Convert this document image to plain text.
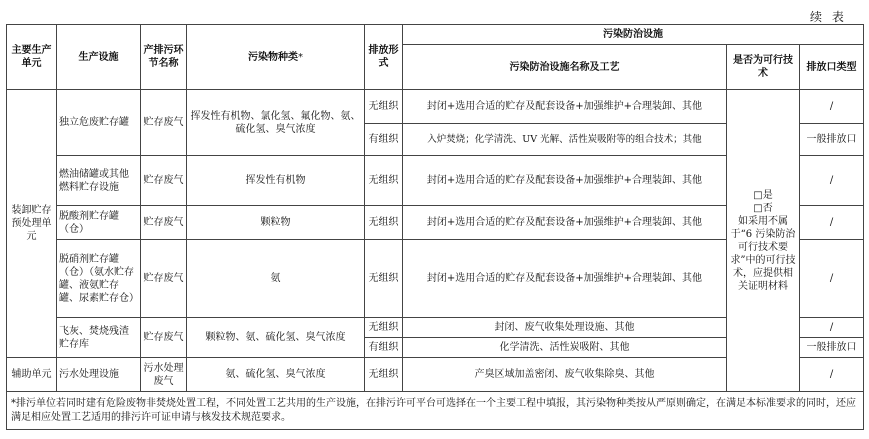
续 表
主要生产单元	生产设施	产排污环节名称	污染物种类*	排放形式	污染防治设施		
					污染防治设施名称及工艺	是否为可行技术	排放口类型
装卸贮存预处理单元	独立危废贮存罐	贮存废气	挥发性有机物、氯化氢、氟化物、氨、硫化氢、臭气浓度	无组织	封闭+选用合适的贮存及配套设备+加强维护+合理装卸、其他	□是
□否
如采用不属于“6 污染防治可行技术要求”中的可行技术，应提供相关证明材料	/
				有组织	入炉焚烧；化学清洗、UV 光解、活性炭吸附等的组合技术；其他		一般排放口
	燃油储罐或其他燃料贮存设施	贮存废气	挥发性有机物	无组织	封闭+选用合适的贮存及配套设备+加强维护+合理装卸、其他		/
	脱酸剂贮存罐（仓）	贮存废气	颗粒物	无组织	封闭+选用合适的贮存及配套设备+加强维护+合理装卸、其他		/
	脱硝剂贮存罐（仓）（氨水贮存罐、液氨贮存罐、尿素贮存仓）	贮存废气	氨	无组织	封闭+选用合适的贮存及配套设备+加强维护+合理装卸、其他		/
	飞灰、焚烧残渣贮存库	贮存废气	颗粒物、氨、硫化氢、臭气浓度	无组织	封闭、废气收集处理设施、其他		/
				有组织	化学清洗、活性炭吸附、其他		一般排放口
辅助单元	污水处理设施	污水处理废气	氨、硫化氢、臭气浓度	无组织	产臭区域加盖密闭、废气收集除臭、其他		/
*排污单位若同时建有危险废物非焚烧处置工程，不同处置工艺共用的生产设施，在排污许可平台可选择在一个主要工程中填报，其污染物种类按从严原则确定，在满足本标准要求的同时，还应满足相应处置工艺适用的排污许可证申请与核发技术规范要求。							
